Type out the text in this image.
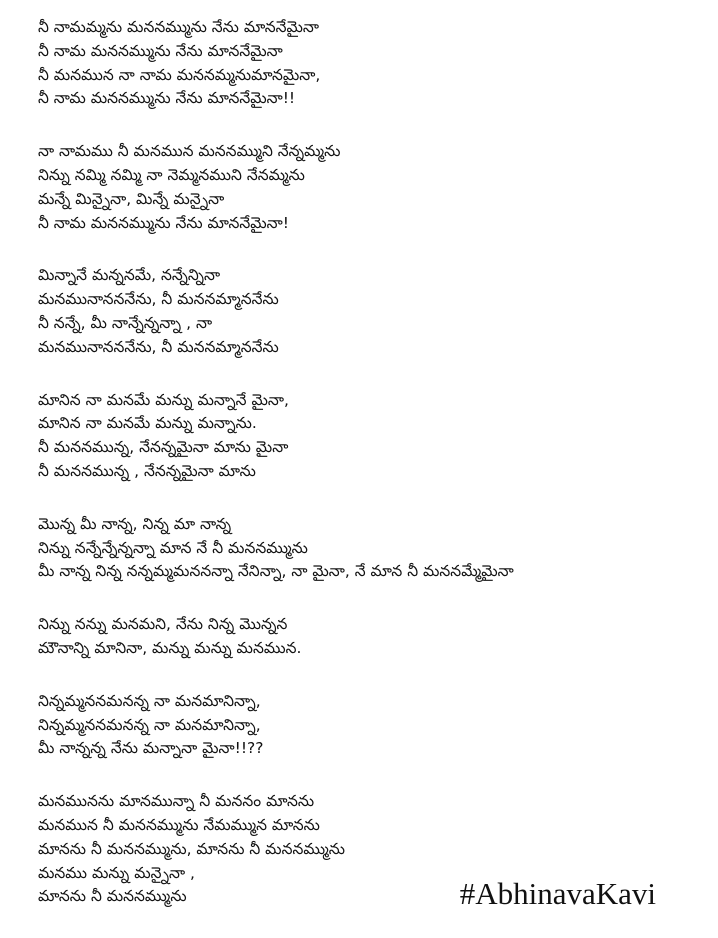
నీ నామమ్మను మననమ్మును నేను మాననేమైనా
నీ నామ మననమ్మును నేను మాననేమైనా
నీ మనమున నా నామ మననమ్మనుమానమైనా,
నీ నామ మననమ్మును నేను మాననేమైనా!!
నా నామము నీ మనమున మననమ్ముని నేన్నమ్మను
నిన్ను నమ్మి నమ్మి నా నెమ్మనముని నేనమ్మను
మన్నే మిన్నైనా, మిన్నే మన్నైనా
నీ నామ మననమ్మును నేను మాననేమైనా!
మిన్నానే మన్ననమే, నన్నేన్నినా
మనమునానననేను, నీ మననమ్మాననేను
నీ నన్నే, మీ నాన్నేన్నన్నా , నా
మనమునానననేను, నీ మననమ్మాననేను
మానిన నా మనమే మన్ను మన్నానే మైనా,
మానిన నా మనమే మన్ను మన్నాను.
నీ మననమున్న, నేనన్నమైనా మాను మైనా
నీ మననమున్న , నేనన్నమైనా మాను
మొన్న మీ నాన్న, నిన్న మా నాన్న
నిన్ను నన్నేన్నేన్నన్నా మాన నే నీ మననమ్మును
మీ నాన్న నిన్న నన్నమ్మమననన్నా నేనిన్నా, నా మైనా, నే మాన నీ మననమ్మేమైనా
నిన్ను నన్ను మనమని, నేను నిన్న మొన్నన
మౌనాన్ని మానినా, మన్ను మన్ను మనమున.
నిన్నమ్మననమనన్న నా మనమానిన్నా,
నిన్నమ్మననమనన్న నా మనమానిన్నా,
మీ నాన్నన్న నేను మన్నానా మైనా!!??
మనమునను మానమున్నా నీ మననం మానను
మనమున నీ మననమ్మును నేమమ్మున మానను
మానను నీ మననమ్మును, మానను నీ మననమ్మును
మనము మన్ను మన్నైనా ,
మానను నీ మననమ్మును	#AbhinavaKavi
